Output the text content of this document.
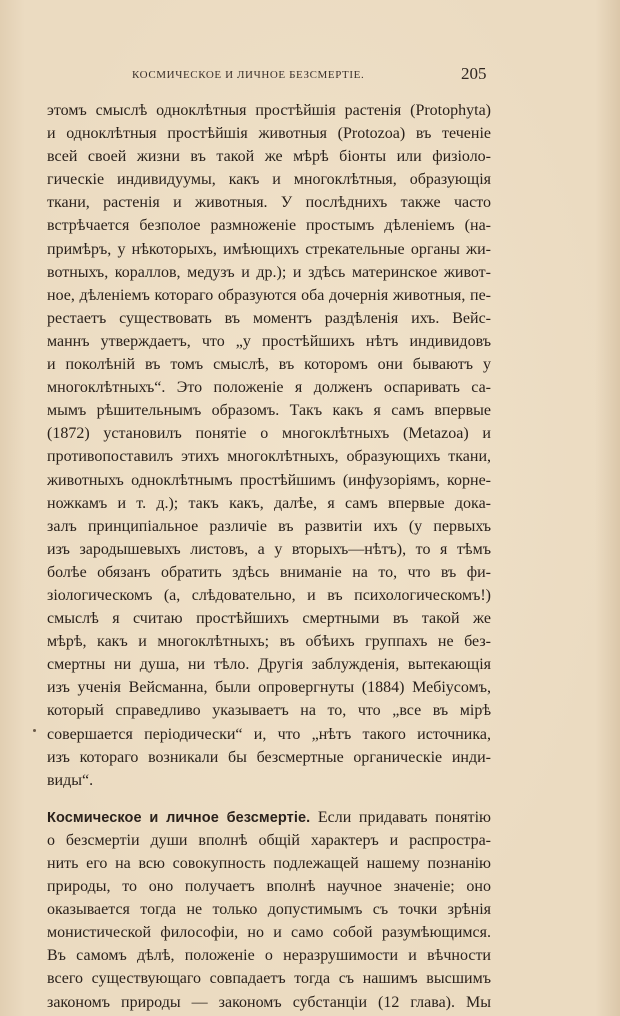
КОСМИЧЕСКОЕ И ЛИЧНОЕ БЕЗСМЕРТІЕ.	205
этомъ смыслѣ одноклѣтныя простѣйшія растенія (Protophyta)
и одноклѣтныя простѣйшія животныя (Protozoa) въ теченіе
всей своей жизни въ такой же мѣрѣ біонты или физіоло-
гическіе индивидуумы, какъ и многоклѣтныя, образующія
ткани, растенія и животныя. У послѣднихъ также часто
встрѣчается безполое размноженіе простымъ дѣленіемъ (на-
примѣръ, у нѣкоторыхъ, имѣющихъ стрекательные органы жи-
вотныхъ, кораллов, медузъ и др.); и здѣсь материнское живот-
ное, дѣленіемъ котораго образуются оба дочернія животныя, пе-
рестаетъ существовать въ моментъ раздѣленія ихъ. Вейс-
маннъ утверждаетъ, что „у простѣйшихъ нѣтъ индивидовъ
и поколѣній въ томъ смыслѣ, въ которомъ они бываютъ у
многоклѣтныхъ“. Это положеніе я долженъ оспаривать са-
мымъ рѣшительнымъ образомъ. Такъ какъ я самъ впервые
(1872) установилъ понятіе о многоклѣтныхъ (Metazoa) и
противопоставилъ этихъ многоклѣтныхъ, образующихъ ткани,
животныхъ одноклѣтнымъ простѣйшимъ (инфузоріямъ, корне-
ножкамъ и т. д.); такъ какъ, далѣе, я самъ впервые дока-
залъ принципіальное различіе въ развитіи ихъ (у первыхъ
изъ зародышевыхъ листовъ, а у вторыхъ—нѣтъ), то я тѣмъ
болѣе обязанъ обратить здѣсь вниманіе на то, что въ фи-
зіологическомъ (а, слѣдовательно, и въ психологическомъ!)
смыслѣ я считаю простѣйшихъ смертными въ такой же
мѣрѣ, какъ и многоклѣтныхъ; въ обѣихъ группахъ не без-
смертны ни душа, ни тѣло. Другія заблужденія, вытекающія
изъ ученія Вейсманна, были опровергнуты (1884) Мебіусомъ,
который справедливо указываетъ на то, что „все въ мірѣ
совершается періодически“ и, что „нѣтъ такого источника,
изъ котораго возникали бы безсмертные органическіе инди-
виды“.
Космическое и личное безсмертіе. Если придавать понятію
о безсмертіи души вполнѣ общій характеръ и распростра-
нить его на всю совокупность подлежащей нашему познанію
природы, то оно получаетъ вполнѣ научное значеніе; оно
оказывается тогда не только допустимымъ съ точки зрѣнія
монистической философіи, но и само собой разумѣющимся.
Въ самомъ дѣлѣ, положеніе о неразрушимости и вѣчности
всего существующаго совпадаетъ тогда съ нашимъ высшимъ
закономъ природы — закономъ субстанціи (12 глава). Мы
